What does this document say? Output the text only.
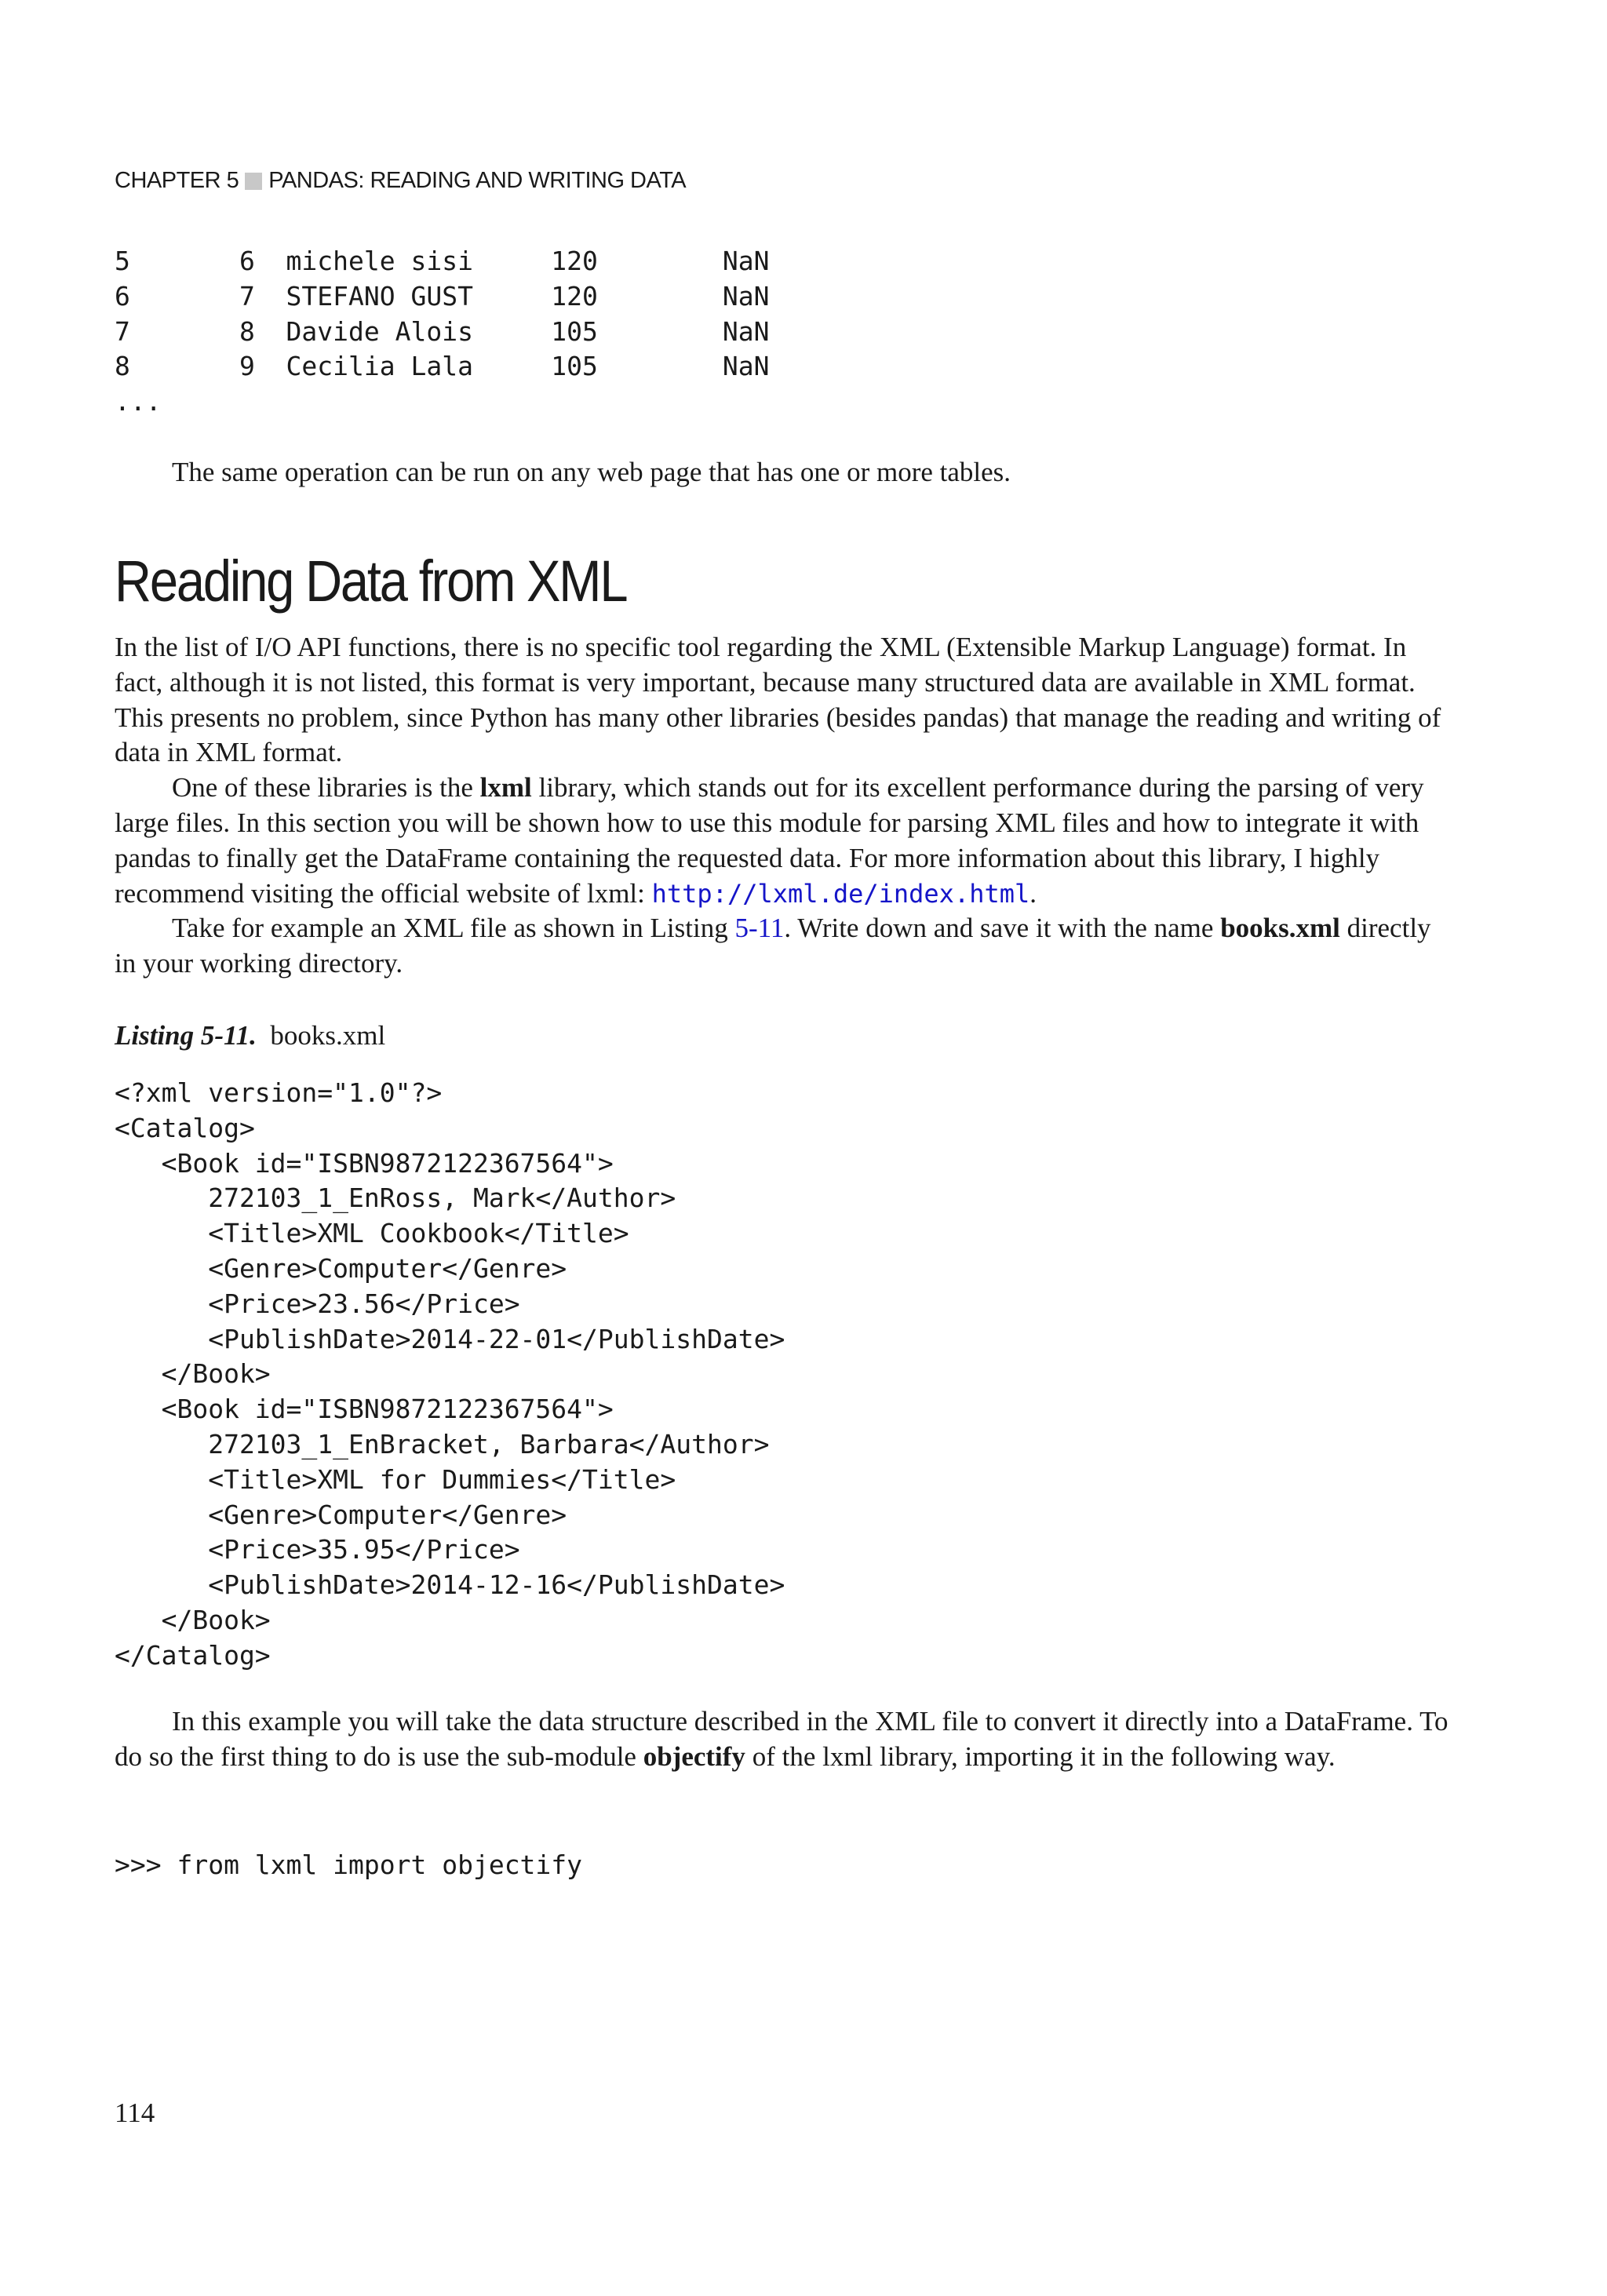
CHAPTER 5 PANDAS: READING AND WRITING DATA
5       6  michele sisi     120        NaN
6       7  STEFANO GUST     120        NaN
7       8  Davide Alois     105        NaN
8       9  Cecilia Lala     105        NaN
...

The same operation can be run on any web page that has one or more tables.

Reading Data from XML

In the list of I/O API functions, there is no specific tool regarding the XML (Extensible Markup Language) format. In fact, although it is not listed, this format is very important, because many structured data are available in XML format. This presents no problem, since Python has many other libraries (besides pandas) that manage the reading and writing of data in XML format.

One of these libraries is the lxml library, which stands out for its excellent performance during the parsing of very large files. In this section you will be shown how to use this module for parsing XML files and how to integrate it with pandas to finally get the DataFrame containing the requested data. For more information about this library, I highly recommend visiting the official website of lxml: http://lxml.de/index.html.

Take for example an XML file as shown in Listing 5-11. Write down and save it with the name books.xml directly in your working directory.

Listing 5-11. books.xml
<?xml version="1.0"?>
<Catalog>
<Book id="ISBN9872122367564">
272103_1_EnRoss, Mark</Author>
<Title>XML Cookbook</Title>
<Genre>Computer</Genre>
<Price>23.56</Price>
<PublishDate>2014-22-01</PublishDate>
</Book>
<Book id="ISBN9872122367564">
272103_1_EnBracket, Barbara</Author>
<Title>XML for Dummies</Title>
<Genre>Computer</Genre>
<Price>35.95</Price>
<PublishDate>2014-12-16</PublishDate>
</Book>
</Catalog>

In this example you will take the data structure described in the XML file to convert it directly into a DataFrame. To do so the first thing to do is use the sub-module objectify of the lxml library, importing it in the following way.

>>> from lxml import objectify
114
